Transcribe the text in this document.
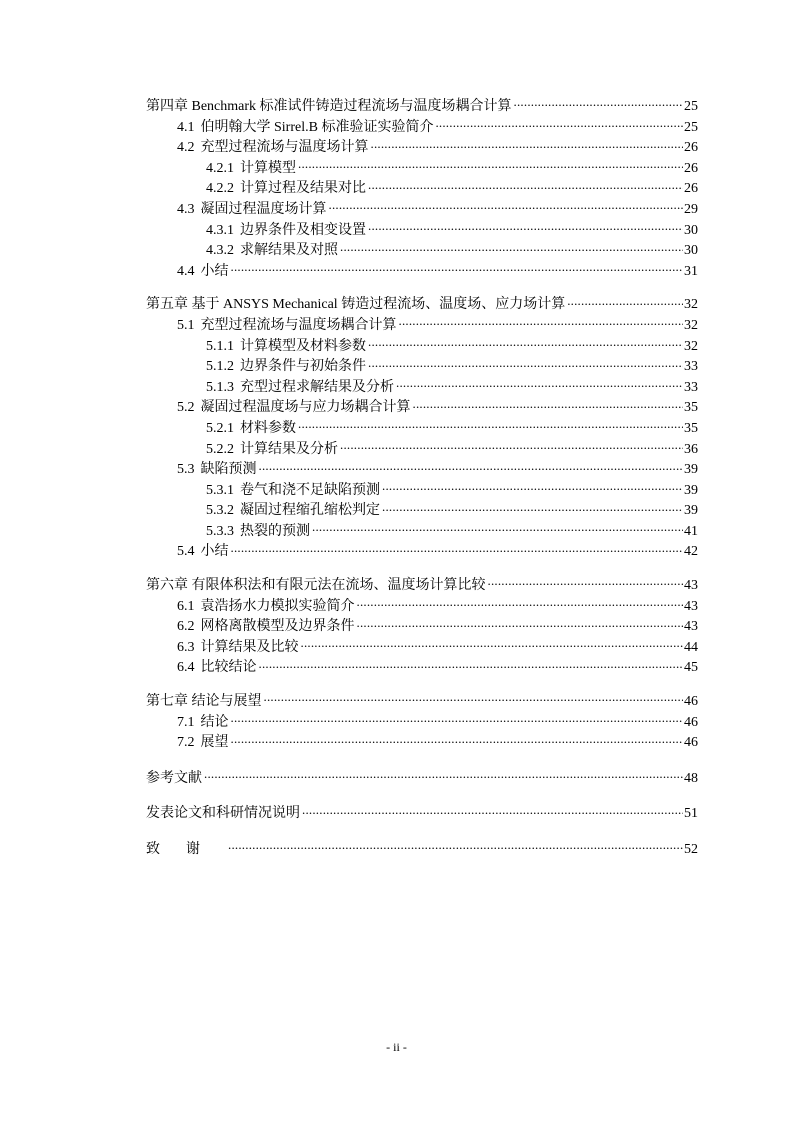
第四章 Benchmark 标准试件铸造过程流场与温度场耦合计算 .....	25
4.1 伯明翰大学 Sirrel.B 标准验证实验简介 .....	25
4.2 充型过程流场与温度场计算 .....	26
4.2.1 计算模型 .....	26
4.2.2 计算过程及结果对比 .....	26
4.3 凝固过程温度场计算 .....	29
4.3.1 边界条件及相变设置 .....	30
4.3.2 求解结果及对照 .....	30
4.4 小结 .....	31
第五章 基于 ANSYS Mechanical 铸造过程流场、温度场、应力场计算 .....	32
5.1 充型过程流场与温度场耦合计算 .....	32
5.1.1 计算模型及材料参数 .....	32
5.1.2 边界条件与初始条件 .....	33
5.1.3 充型过程求解结果及分析 .....	33
5.2 凝固过程温度场与应力场耦合计算 .....	35
5.2.1 材料参数 .....	35
5.2.2 计算结果及分析 .....	36
5.3 缺陷预测 .....	39
5.3.1 卷气和浇不足缺陷预测 .....	39
5.3.2 凝固过程缩孔缩松判定 .....	39
5.3.3 热裂的预测 .....	41
5.4 小结 .....	42
第六章 有限体积法和有限元法在流场、温度场计算比较 .....	43
6.1 袁浩扬水力模拟实验简介 .....	43
6.2 网格离散模型及边界条件 .....	43
6.3 计算结果及比较 .....	44
6.4 比较结论 .....	45
第七章 结论与展望 .....	46
7.1 结论 .....	46
7.2 展望 .....	46
参考文献 .....	48
发表论文和科研情况说明 .....	51
致谢 .....	52
- ii -
